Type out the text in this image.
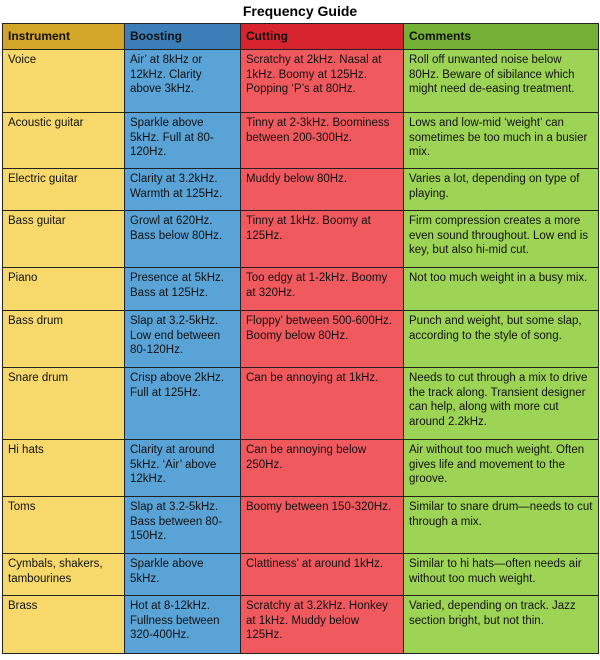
Frequency Guide
Instrument	Boosting	Cutting	Comments
Voice	Air’ at 8kHz or 12kHz. Clarity above 3kHz.	Scratchy at 2kHz. Nasal at 1kHz. Boomy at 125Hz. Popping ‘P’s at 80Hz.	Roll off unwanted noise below 80Hz. Beware of sibilance which might need de-easing treatment.
Acoustic guitar	Sparkle above 5kHz. Full at 80-120Hz.	Tinny at 2-3kHz. Boominess between 200-300Hz.	Lows and low-mid ‘weight’ can sometimes be too much in a busier mix.
Electric guitar	Clarity at 3.2kHz. Warmth at 125Hz.	Muddy below 80Hz.	Varies a lot, depending on type of playing.
Bass guitar	Growl at 620Hz. Bass below 80Hz.	Tinny at 1kHz. Boomy at 125Hz.	Firm compression creates a more even sound throughout. Low end is key, but also hi-mid cut.
Piano	Presence at 5kHz. Bass at 125Hz.	Too edgy at 1-2kHz. Boomy at 320Hz.	Not too much weight in a busy mix.
Bass drum	Slap at 3.2-5kHz. Low end between 80-120Hz.	Floppy’ between 500-600Hz. Boomy below 80Hz.	Punch and weight, but some slap, according to the style of song.
Snare drum	Crisp above 2kHz. Full at 125Hz.	Can be annoying at 1kHz.	Needs to cut through a mix to drive the track along. Transient designer can help, along with more cut around 2.2kHz.
Hi hats	Clarity at around 5kHz. ‘Air’ above 12kHz.	Can be annoying below 250Hz.	Air without too much weight. Often gives life and movement to the groove.
Toms	Slap at 3.2-5kHz. Bass between 80-150Hz.	Boomy between 150-320Hz.	Similar to snare drum—needs to cut through a mix.
Cymbals, shakers, tambourines	Sparkle above 5kHz.	Clattiness’ at around 1kHz.	Similar to hi hats—often needs air without too much weight.
Brass	Hot at 8-12kHz. Fullness between 320-400Hz.	Scratchy at 3.2kHz. Honkey at 1kHz. Muddy below 125Hz.	Varied, depending on track. Jazz section bright, but not thin.
